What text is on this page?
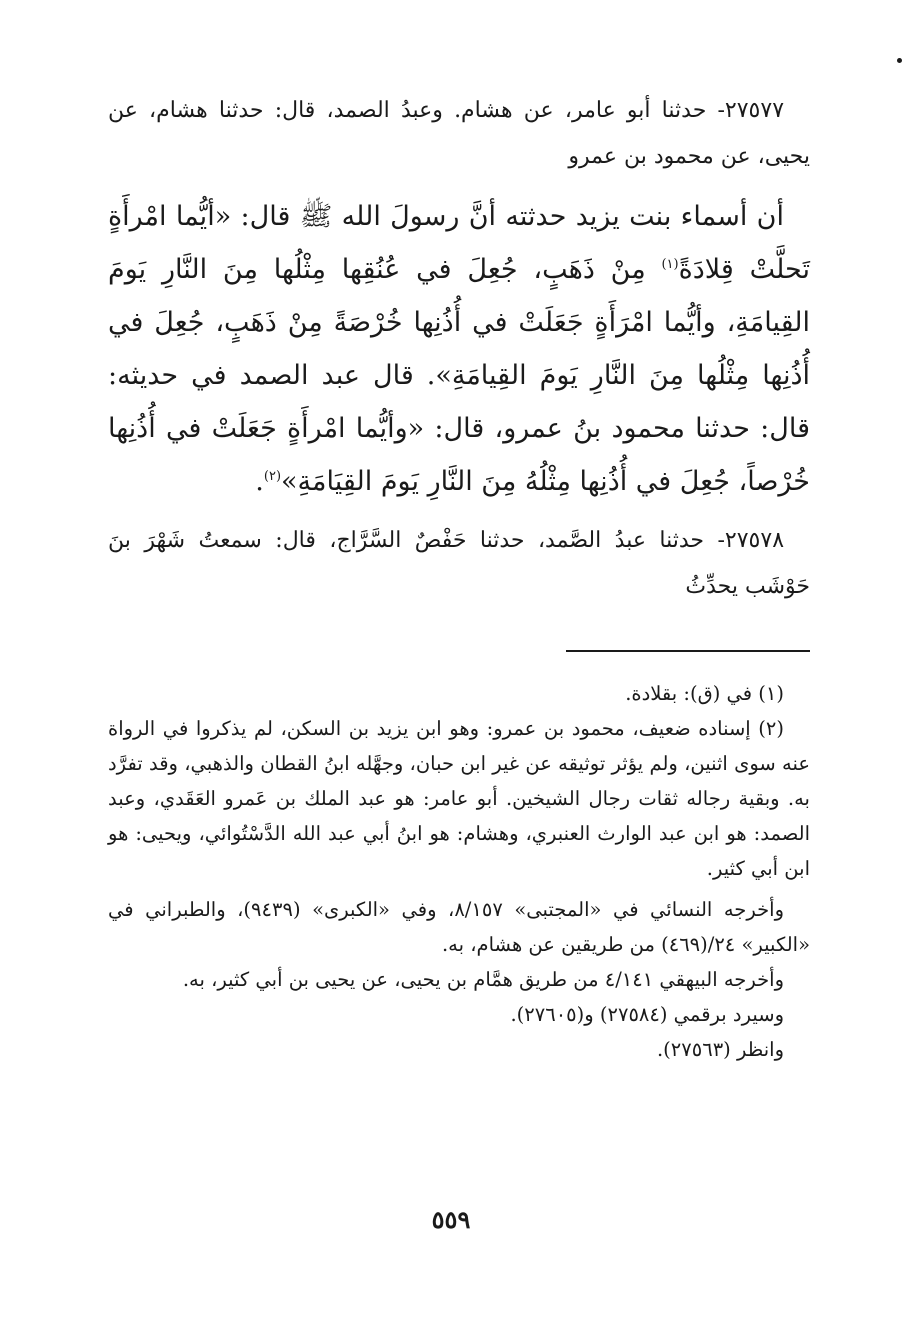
٢٧٥٧٧- حدثنا أبو عامر، عن هشام. وعبدُ الصمد، قال: حدثنا هشام، عن يحيى، عن محمود بن عمرو

أن أسماء بنت يزيد حدثته أنَّ رسولَ الله ﷺ قال: «أيُّما امْرأَةٍ تَحلَّتْ قِلادَةً$^{(١)}$ مِنْ ذَهَبٍ، جُعِلَ في عُنُقِها مِثْلُها مِنَ النَّارِ يَومَ القِيامَةِ، وأيُّما امْرَأَةٍ جَعَلَتْ في أُذُنِها خُرْصَةً مِنْ ذَهَبٍ، جُعِلَ في أُذُنِها مِثْلُها مِنَ النَّارِ يَومَ القِيامَةِ». قال عبد الصمد في حديثه: قال: حدثنا محمود بنُ عمرو، قال: «وأيُّما امْرأَةٍ جَعَلَتْ في أُذُنِها خُرْصاً، جُعِلَ في أُذُنِها مِثْلُهُ مِنَ النَّارِ يَومَ القِيَامَةِ»$^{(٢)}$.

٢٧٥٧٨- حدثنا عبدُ الصَّمد، حدثنا حَفْصٌ السَّرَّاج، قال: سمعتُ شَهْرَ بنَ حَوْشَب يحدِّثُ

(١) في (ق): بقلادة.

(٢) إسناده ضعيف، محمود بن عمرو: وهو ابن يزيد بن السكن، لم يذكروا في الرواة عنه سوى اثنين، ولم يؤثر توثيقه عن غير ابن حبان، وجهَّله ابنُ القطان والذهبي، وقد تفرَّد به. وبقية رجاله ثقات رجال الشيخين. أبو عامر: هو عبد الملك بن عَمرو العَقَدي، وعبد الصمد: هو ابن عبد الوارث العنبري، وهشام: هو ابنُ أبي عبد الله الدَّسْتُوائي، ويحيى: هو ابن أبي كثير.

وأخرجه النسائي في «المجتبى» ٨/١٥٧، وفي «الكبرى» (٩٤٣٩)، والطبراني في «الكبير» ٢٤/(٤٦٩) من طريقين عن هشام، به.

وأخرجه البيهقي ٤/١٤١ من طريق همَّام بن يحيى، عن يحيى بن أبي كثير، به.

وسيرد برقمي (٢٧٥٨٤) و(٢٧٦٠٥).

وانظر (٢٧٥٦٣).

٥٥٩
